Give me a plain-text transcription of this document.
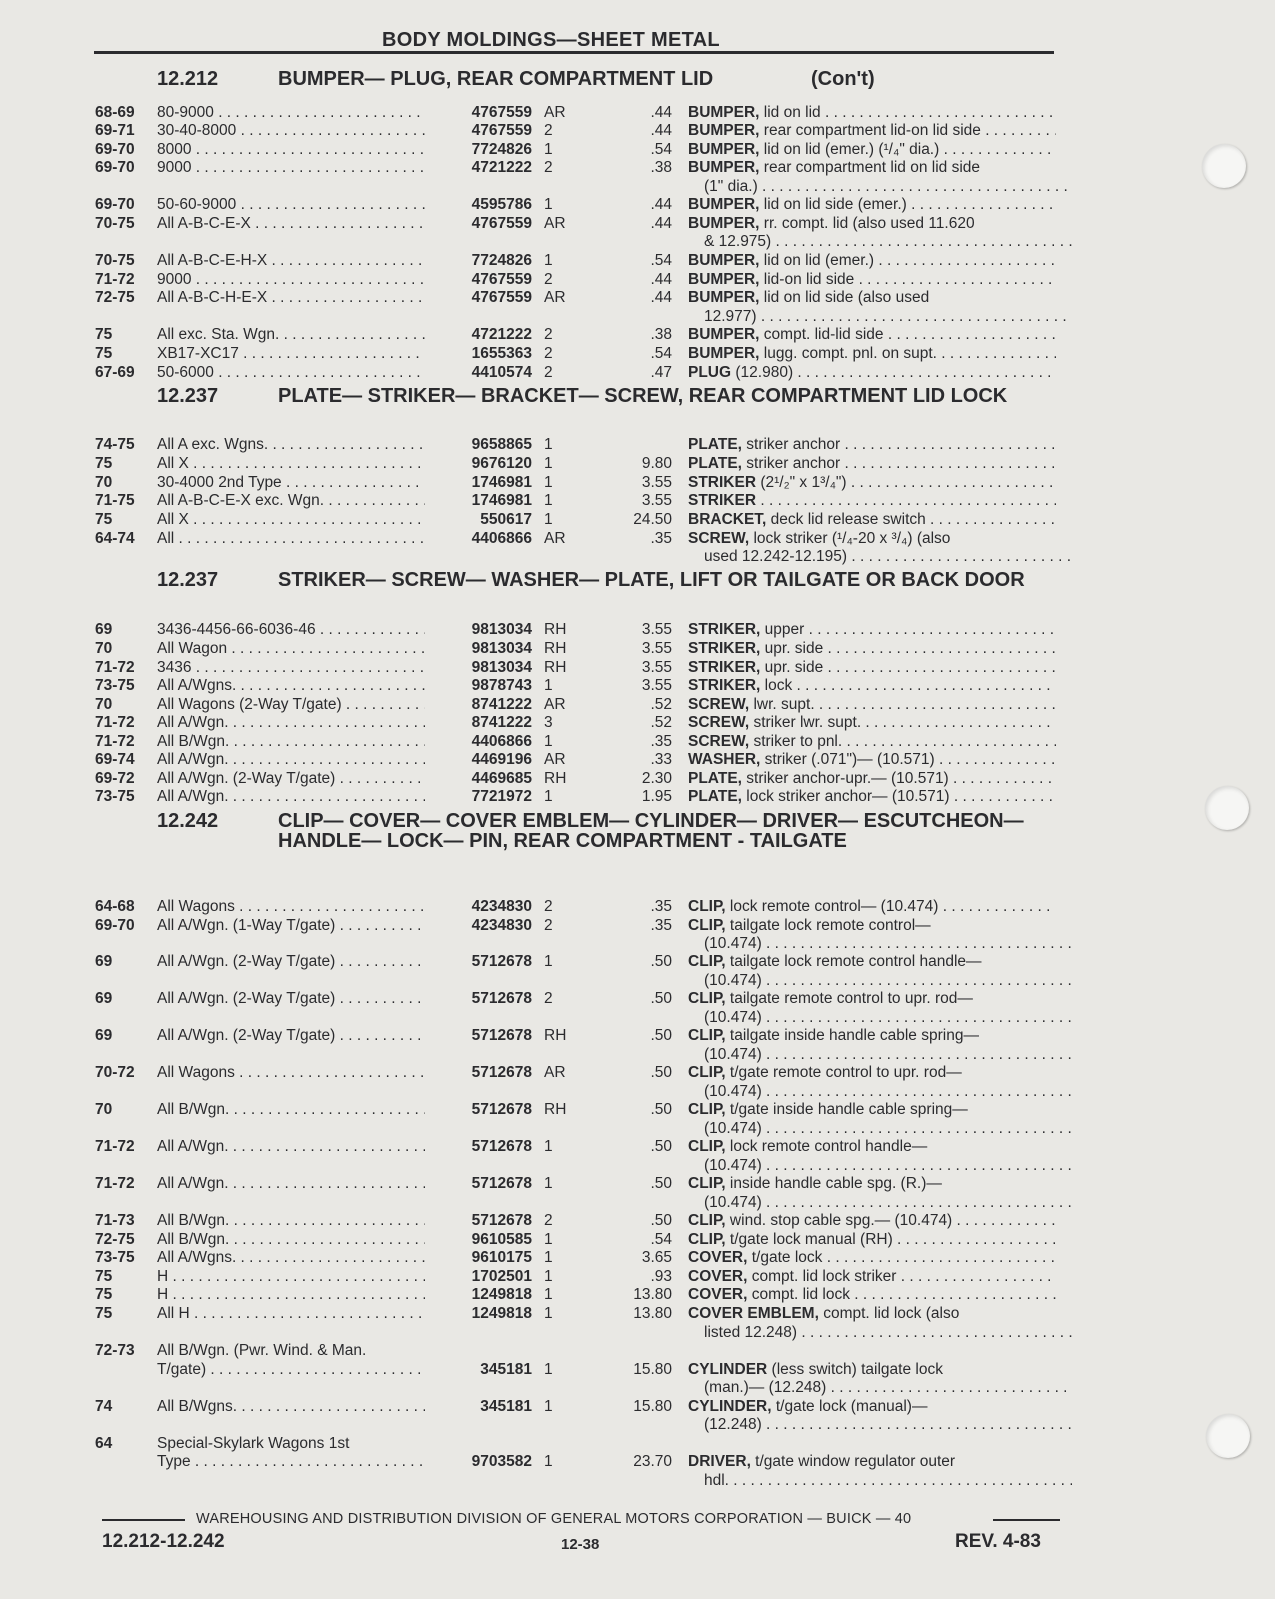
BODY MOLDINGS—SHEET METAL
12.212	BUMPER— PLUG, REAR COMPARTMENT LID	(Con't)
68-69 80-9000 . . .	4767559 AR	.44 BUMPER, lid on lid . . .
69-71 30-40-8000 . . .	4767559 2	.44 BUMPER, rear compartment lid-on lid side . . .
69-70 8000 . . .	7724826 1	.54 BUMPER, lid on lid (emer.) (¹/₄" dia.) . . .
69-70 9000 . . .	4721222 2	.38 BUMPER, rear compartment lid on lid side
(1" dia.) . . .
69-70 50-60-9000 . . .	4595786 1	.44 BUMPER, lid on lid side (emer.) . . .
70-75 All A-B-C-E-X . . .	4767559 AR	.44 BUMPER, rr. compt. lid (also used 11.620
& 12.975) . . .
70-75 All A-B-C-E-H-X . . .	7724826 1	.54 BUMPER, lid on lid (emer.) . . .
71-72 9000 . . .	4767559 2	.44 BUMPER, lid-on lid side . . .
72-75 All A-B-C-H-E-X . . .	4767559 AR	.44 BUMPER, lid on lid side (also used
12.977) . . .
75	All exc. Sta. Wgn. . . .	4721222 2	.38 BUMPER, compt. lid-lid side . . .
75	XB17-XC17 . . .	1655363 2	.54 BUMPER, lugg. compt. pnl. on supt. . . .
67-69 50-6000 . . .	4410574 2	.47 PLUG (12.980) . . .
12.237	PLATE— STRIKER— BRACKET— SCREW, REAR COMPARTMENT LID LOCK
74-75 All A exc. Wgns. . . .	9658865 1	PLATE, striker anchor . . .
75	All X . . .	9676120 1	9.80 PLATE, striker anchor . . .
70	30-4000 2nd Type . . .	1746981 1	3.55 STRIKER (2¹/₂" x 1³/₄") . . .
71-75 All A-B-C-E-X exc. Wgn. . . .	1746981 1	3.55 STRIKER . . .
75	All X . . .	550617 1	24.50 BRACKET, deck lid release switch . . .
64-74 All . . .	4406866 AR	.35 SCREW, lock striker (¹/₄-20 x ³/₄) (also
used 12.242-12.195) . . .
12.237	STRIKER— SCREW— WASHER— PLATE, LIFT OR TAILGATE OR BACK DOOR
69	3436-4456-66-6036-46 . . .	9813034 RH	3.55 STRIKER, upper . . .
70	All Wagon . . .	9813034 RH	3.55 STRIKER, upr. side . . .
71-72 3436 . . .	9813034 RH	3.55 STRIKER, upr. side . . .
73-75 All A/Wgns. . . .	9878743 1	3.55 STRIKER, lock . . .
70	All Wagons (2-Way T/gate) . . .	8741222 AR	.52 SCREW, lwr. supt. . . .
71-72 All A/Wgn. . . .	8741222 3	.52 SCREW, striker lwr. supt. . . .
71-72 All B/Wgn. . . .	4406866 1	.35 SCREW, striker to pnl. . . .
69-74 All A/Wgn. . . .	4469196 AR	.33 WASHER, striker (.071")— (10.571) . . .
69-72 All A/Wgn. (2-Way T/gate) . . .	4469685 RH	2.30 PLATE, striker anchor-upr.— (10.571) . . .
73-75 All A/Wgn. . . .	7721972 1	1.95 PLATE, lock striker anchor— (10.571) . . .
12.242	CLIP— COVER— COVER EMBLEM— CYLINDER— DRIVER— ESCUTCHEON— HANDLE— LOCK— PIN, REAR COMPARTMENT - TAILGATE
64-68 All Wagons . . .	4234830 2	.35 CLIP, lock remote control— (10.474) . . .
69-70 All A/Wgn. (1-Way T/gate) . . .	4234830 2	.35 CLIP, tailgate lock remote control—
(10.474) . . .
69	All A/Wgn. (2-Way T/gate) . . .	5712678 1	.50 CLIP, tailgate lock remote control handle—
(10.474) . . .
69	All A/Wgn. (2-Way T/gate) . . .	5712678 2	.50 CLIP, tailgate remote control to upr. rod—
(10.474) . . .
69	All A/Wgn. (2-Way T/gate) . . .	5712678 RH	.50 CLIP, tailgate inside handle cable spring—
(10.474) . . .
70-72 All Wagons . . .	5712678 AR	.50 CLIP, t/gate remote control to upr. rod—
(10.474) . . .
70	All B/Wgn. . . .	5712678 RH	.50 CLIP, t/gate inside handle cable spring—
(10.474) . . .
71-72 All A/Wgn. . . .	5712678 1	.50 CLIP, lock remote control handle—
(10.474) . . .
71-72 All A/Wgn. . . .	5712678 1	.50 CLIP, inside handle cable spg. (R.)—
(10.474) . . .
71-73 All B/Wgn. . . .	5712678 2	.50 CLIP, wind. stop cable spg.— (10.474) . . .
72-75 All B/Wgn. . . .	9610585 1	.54 CLIP, t/gate lock manual (RH) . . .
73-75 All A/Wgns. . . .	9610175 1	3.65 COVER, t/gate lock . . .
75	H . . .	1702501 1	.93 COVER, compt. lid lock striker . . .
75	H . . .	1249818 1	13.80 COVER, compt. lid lock . . .
75	All H . . .	1249818 1	13.80 COVER EMBLEM, compt. lid lock (also
listed 12.248) . . .
72-73 All B/Wgn. (Pwr. Wind. & Man.
T/gate) . . .	345181 1	15.80 CYLINDER (less switch) tailgate lock
(man.)— (12.248) . . .
74	All B/Wgns. . . .	345181 1	15.80 CYLINDER, t/gate lock (manual)—
(12.248) . . .
64	Special-Skylark Wagons 1st
Type . . .	9703582 1	23.70 DRIVER, t/gate window regulator outer
hdl. . . .
WAREHOUSING AND DISTRIBUTION DIVISION OF GENERAL MOTORS CORPORATION — BUICK — 40
12.212-12.242	12-38	REV. 4-83
